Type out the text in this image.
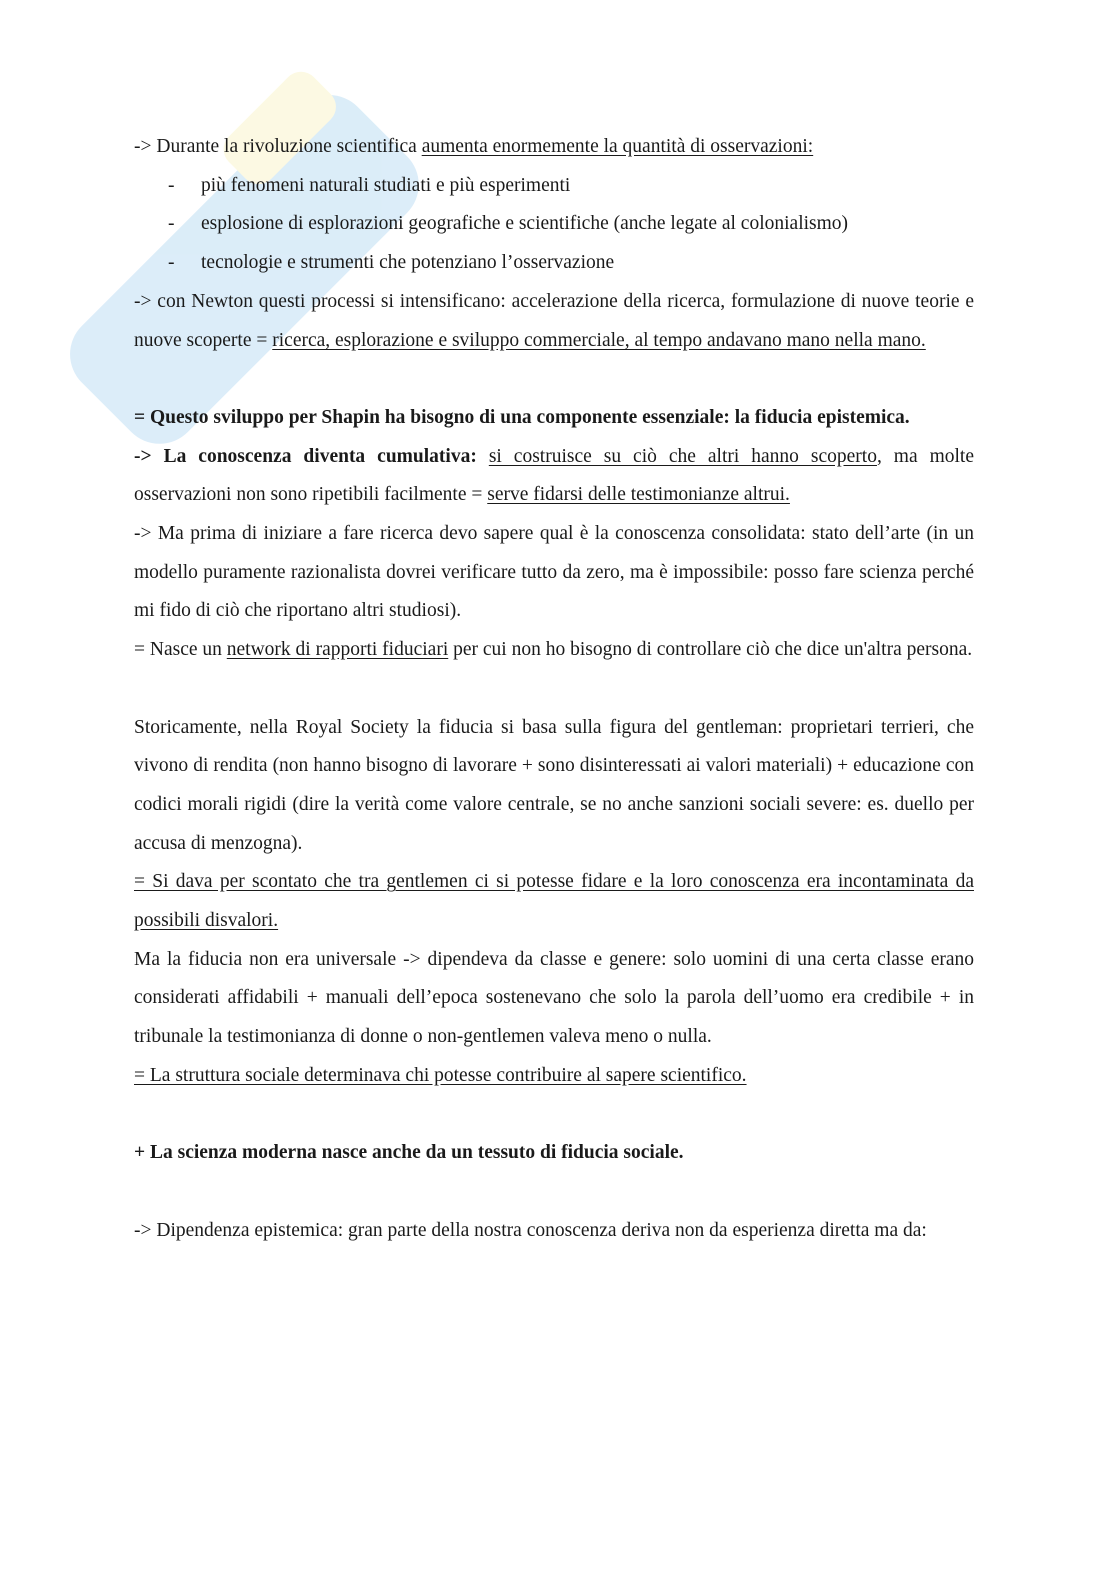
-> Durante la rivoluzione scientifica aumenta enormemente la quantità di osservazioni:

- più fenomeni naturali studiati e più esperimenti
- esplosione di esplorazioni geografiche e scientifiche (anche legate al colonialismo)
- tecnologie e strumenti che potenziano l’osservazione

-> con Newton questi processi si intensificano: accelerazione della ricerca, formulazione di nuove teorie e nuove scoperte = ricerca, esplorazione e sviluppo commerciale, al tempo andavano mano nella mano.

= Questo sviluppo per Shapin ha bisogno di una componente essenziale: la fiducia epistemica.

-> La conoscenza diventa cumulativa: si costruisce su ciò che altri hanno scoperto, ma molte osservazioni non sono ripetibili facilmente = serve fidarsi delle testimonianze altrui.

-> Ma prima di iniziare a fare ricerca devo sapere qual è la conoscenza consolidata: stato dell’arte (in un modello puramente razionalista dovrei verificare tutto da zero, ma è impossibile: posso fare scienza perché mi fido di ciò che riportano altri studiosi).

= Nasce un network di rapporti fiduciari per cui non ho bisogno di controllare ciò che dice un'altra persona.

Storicamente, nella Royal Society la fiducia si basa sulla figura del gentleman: proprietari terrieri, che vivono di rendita (non hanno bisogno di lavorare + sono disinteressati ai valori materiali) + educazione con codici morali rigidi (dire la verità come valore centrale, se no anche sanzioni sociali severe: es. duello per accusa di menzogna).

= Si dava per scontato che tra gentlemen ci si potesse fidare e la loro conoscenza era incontaminata da possibili disvalori.

Ma la fiducia non era universale -> dipendeva da classe e genere: solo uomini di una certa classe erano considerati affidabili + manuali dell’epoca sostenevano che solo la parola dell’uomo era credibile + in tribunale la testimonianza di donne o non-gentlemen valeva meno o nulla.

= La struttura sociale determinava chi potesse contribuire al sapere scientifico.

+ La scienza moderna nasce anche da un tessuto di fiducia sociale.

-> Dipendenza epistemica: gran parte della nostra conoscenza deriva non da esperienza diretta ma da:
